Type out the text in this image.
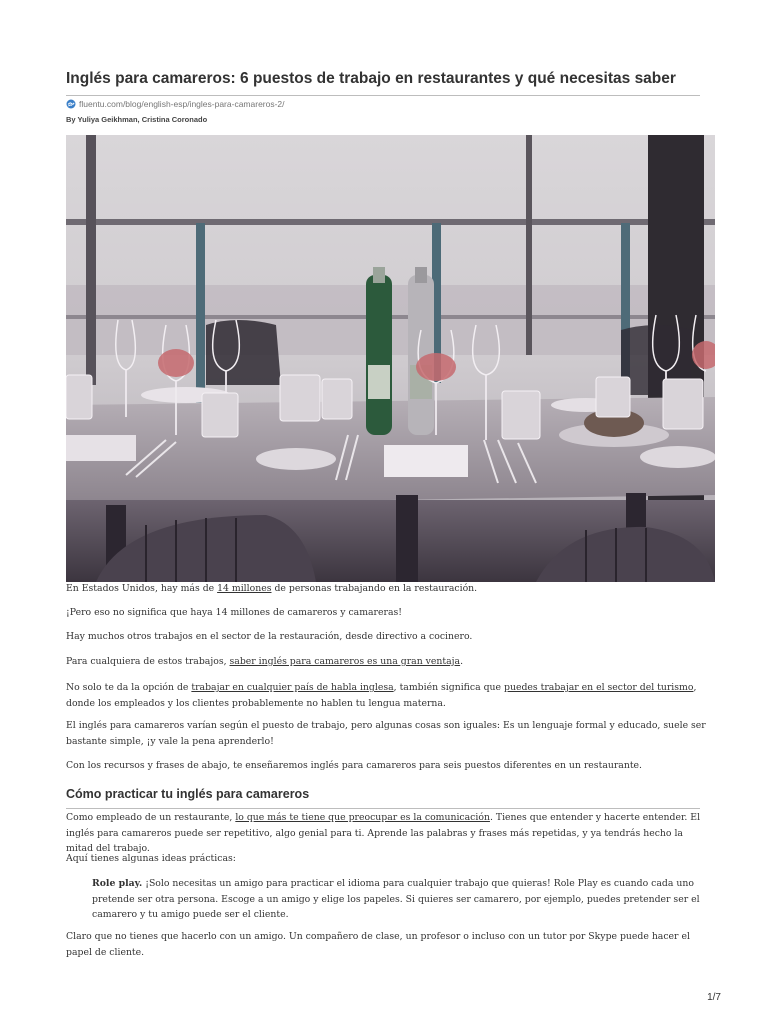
Inglés para camareros: 6 puestos de trabajo en restaurantes y qué necesitas saber
fluentu.com/blog/english-esp/ingles-para-camareros-2/
By Yuliya Geikhman, Cristina Coronado
En Estados Unidos, hay más de 14 millones de personas trabajando en la restauración.
¡Pero eso no significa que haya 14 millones de camareros y camareras!
Hay muchos otros trabajos en el sector de la restauración, desde directivo a cocinero.
Para cualquiera de estos trabajos, saber inglés para camareros es una gran ventaja.
No solo te da la opción de trabajar en cualquier país de habla inglesa, también significa que puedes trabajar en el sector del turismo, donde los empleados y los clientes probablemente no hablen tu lengua materna.
El inglés para camareros varían según el puesto de trabajo, pero algunas cosas son iguales: Es un lenguaje formal y educado, suele ser bastante simple, ¡y vale la pena aprenderlo!
Con los recursos y frases de abajo, te enseñaremos inglés para camareros para seis puestos diferentes en un restaurante.
Cómo practicar tu inglés para camareros
Como empleado de un restaurante, lo que más te tiene que preocupar es la comunicación. Tienes que entender y hacerte entender. El inglés para camareros puede ser repetitivo, algo genial para ti. Aprende las palabras y frases más repetidas, y ya tendrás hecho la mitad del trabajo.
Aquí tienes algunas ideas prácticas:
Role play. ¡Solo necesitas un amigo para practicar el idioma para cualquier trabajo que quieras! Role Play es cuando cada uno pretende ser otra persona. Escoge a un amigo y elige los papeles. Si quieres ser camarero, por ejemplo, puedes pretender ser el camarero y tu amigo puede ser el cliente.
Claro que no tienes que hacerlo con un amigo. Un compañero de clase, un profesor o incluso con un tutor por Skype puede hacer el papel de cliente.
1/7
